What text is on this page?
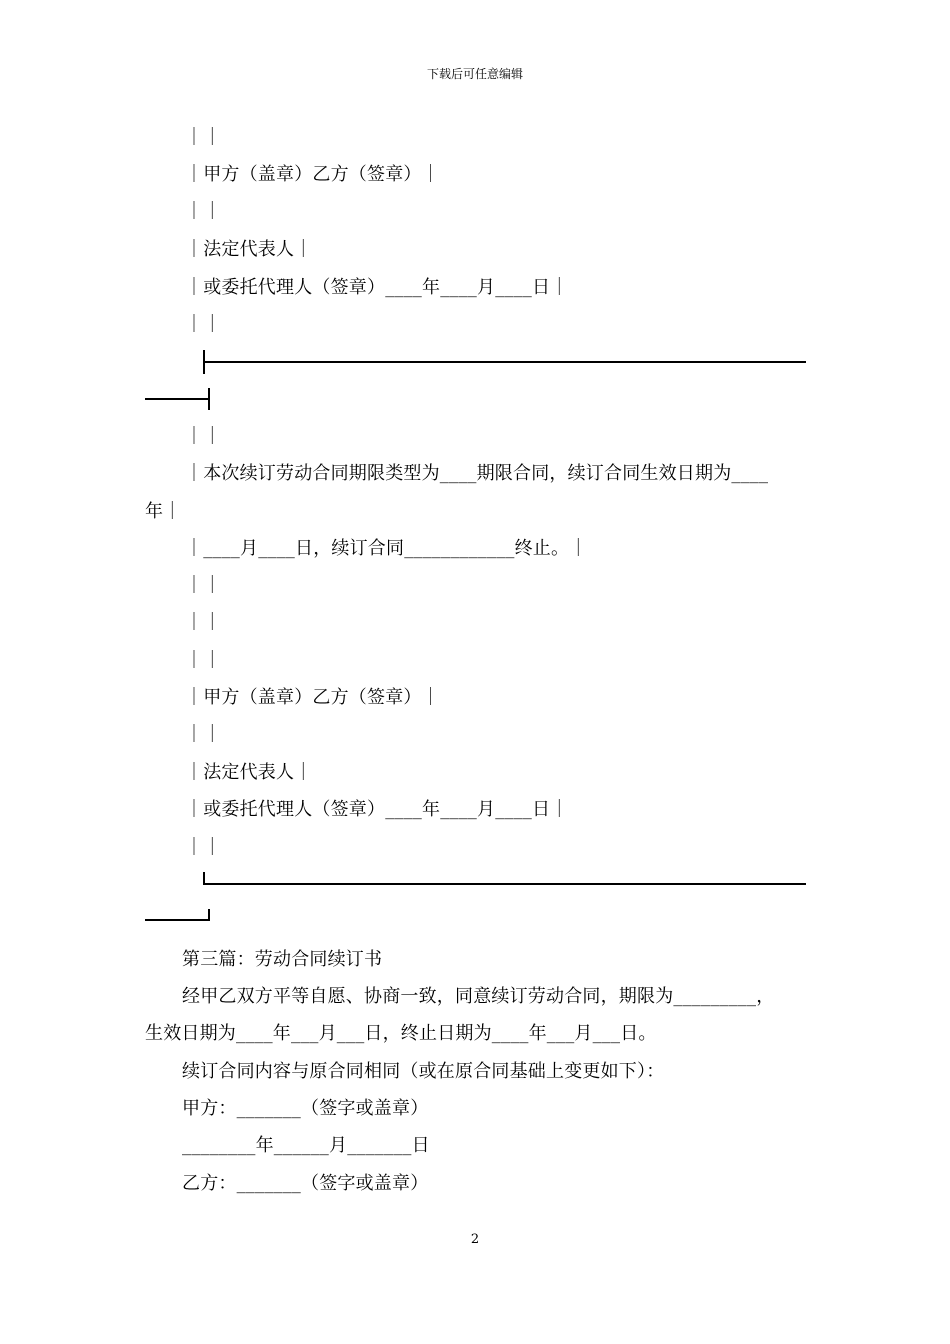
下载后可任意编辑
｜｜
｜甲方（盖章）乙方（签章）｜
｜｜
｜法定代表人｜
｜或委托代理人（签章）____年____月____日｜
｜｜
｜｜
｜本次续订劳动合同期限类型为____期限合同，续订合同生效日期为____
年｜
｜____月____日，续订合同____________终止。｜
｜｜
｜｜
｜｜
｜甲方（盖章）乙方（签章）｜
｜｜
｜法定代表人｜
｜或委托代理人（签章）____年____月____日｜
｜｜
第三篇：劳动合同续订书
经甲乙双方平等自愿、协商一致，同意续订劳动合同，期限为_________，
生效日期为____年___月___日，终止日期为____年___月___日。
续订合同内容与原合同相同（或在原合同基础上变更如下）：
甲方：_______（签字或盖章）
________年______月_______日
乙方：_______（签字或盖章）
2
